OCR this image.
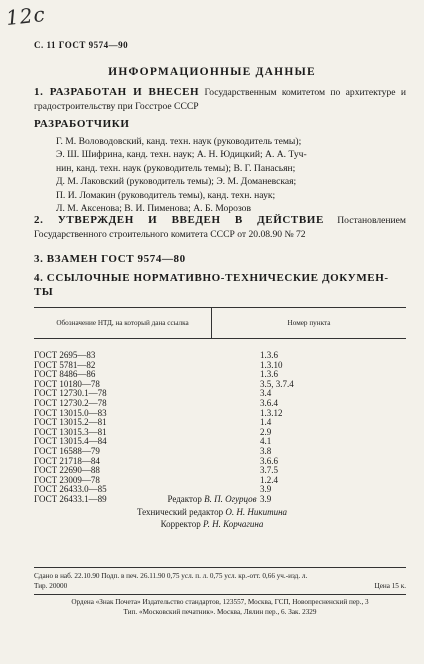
12с
С. 11 ГОСТ 9574—90
ИНФОРМАЦИОННЫЕ ДАННЫЕ
1. РАЗРАБОТАН И ВНЕСЕН Государственным комитетом по архитектуре и градостроительству при Госстрое СССР
РАЗРАБОТЧИКИ

Г. М. Воловодовский, канд. техн. наук (руководитель темы);

Э. Ш. Шифрина, канд. техн. наук; А. Н. Юдицкий; А. А. Туч-

нин, канд. техн. наук (руководитель темы); В. Г. Панасьян;

Д. М. Лаковский (руководитель темы); Э. М. Доманевская;

П. И. Ломакин (руководитель темы), канд. техн. наук;

Л. М. Аксенова; В. И. Пименова; А. Б. Морозов

2. УТВЕРЖДЕН И ВВЕДЕН В ДЕЙСТВИЕ Постановлением Государственного строительного комитета СССР от 20.08.90 № 72
3. ВЗАМЕН ГОСТ 9574—80
4. ССЫЛОЧНЫЕ НОРМАТИВНО-ТЕХНИЧЕСКИЕ ДОКУМЕН-ТЫ
Обозначение НТД, на который дана ссылка	Номер пункта
ГОСТ 2695—83	1.3.6
ГОСТ 5781—82	1.3.10
ГОСТ 8486—86	1.3.6
ГОСТ 10180—78	3.5, 3.7.4
ГОСТ 12730.1—78	3.4
ГОСТ 12730.2—78	3.6.4
ГОСТ 13015.0—83	1.3.12
ГОСТ 13015.2—81	1.4
ГОСТ 13015.3—81	2.9
ГОСТ 13015.4—84	4.1
ГОСТ 16588—79	3.8
ГОСТ 21718—84	3.6.6
ГОСТ 22690—88	3.7.5
ГОСТ 23009—78	1.2.4
ГОСТ 26433.0—85	3.9
ГОСТ 26433.1—89	3.9
Редактор В. П. Огурцов
Технический редактор О. Н. Никитина
Корректор Р. Н. Корчагина
Сдано в наб. 22.10.90 Подп. в печ. 26.11.90 0,75 усл. п. л. 0,75 усл. кр.-отт. 0,66 уч.-изд. л.
Тир. 20000	Цена 15 к.
Ордена «Знак Почета» Издательство стандартов, 123557, Москва, ГСП, Новопресненский пер., 3
Тип. «Московский печатник». Москва, Лялин пер., 6. Зак. 2329
